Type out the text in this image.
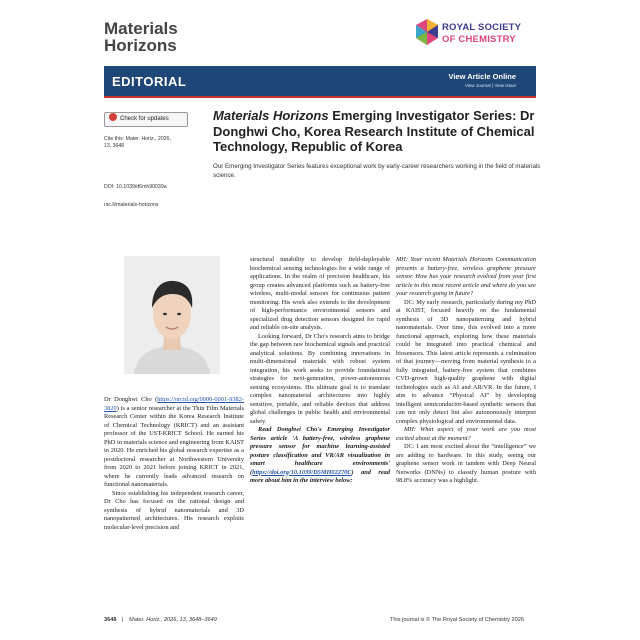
Materials
Horizons
ROYAL SOCIETY
OF CHEMISTRY
EDITORIAL	View Article Online
View Journal | View Issue
Check for updates
Cite this: Mater. Horiz., 2026,
13, 3648
DOI: 10.1039/d6mh90039a
rsc.li/materials-horizons
Materials Horizons Emerging Investigator Series: Dr Donghwi Cho, Korea Research Institute of Chemical Technology, Republic of Korea
Our Emerging Investigator Series features exceptional work by early-career researchers working in the field of materials science.

Dr Donghwi Cho (https://orcid.org/0000-0001-9382-3820) is a senior researcher at the Thin Film Materials Research Center within the Korea Research Institute of Chemical Technology (KRICT) and an assistant professor of the UST-KRICT School. He earned his PhD in materials science and engineering from KAIST in 2020. He enriched his global research expertise as a postdoctoral researcher at Northwestern University from 2020 to 2021 before joining KRICT in 2021, where he currently leads advanced research on functional nanomaterials.

Since establishing his independent research career, Dr Cho has focused on the rational design and synthesis of hybrid nanomaterials and 3D nanopatterned architectures. His research exploits molecular-level precision and

structural tunability to develop field-deployable biochemical sensing technologies for a wide range of applications. In the realm of precision healthcare, his group creates advanced platforms such as battery-free wireless, multi-modal sensors for continuous patient monitoring. His work also extends to the development of high-performance environmental sensors and specialized drug detection sensors designed for rapid and reliable on-site analysis.

Looking forward, Dr Cho's research aims to bridge the gap between raw biochemical signals and practical analytical solutions. By combining innovations in multi-dimensional materials with robust system integration, his work seeks to provide foundational strategies for next-generation, power-autonomous sensing ecosystems. His ultimate goal is to translate complex nanomaterial architectures into highly sensitive, portable, and reliable devices that address global challenges in public health and environmental safety.

Read Donghwi Cho's Emerging Investigator Series article 'A battery-free, wireless graphene pressure sensor for machine learning-assisted posture classification and VR/AR visualization in smart healthcare environments' (https://doi.org/10.1039/D5MH02270C) and read more about him in the interview below:

MH: Your recent Materials Horizons Communication presents a battery-free, wireless graphene pressure sensor. How has your research evolved from your first article to this most recent article and where do you see your research going in future?

DC: My early research, particularly during my PhD at KAIST, focused heavily on the fundamental synthesis of 3D nanopatterning and hybrid nanomaterials. Over time, this evolved into a more functional approach, exploring how these materials could be integrated into practical chemical and biosensors. This latest article represents a culmination of that journey—moving from material synthesis to a fully integrated, battery-free system that combines CVD-grown high-quality graphene with digital technologies such as AI and AR/VR. In the future, I aim to advance “Physical AI” by developing intelligent semiconductor-based synthetic sensors that can not only detect but also autonomously interpret complex physiological and environmental data.

MH: What aspect of your work are you most excited about at the moment?

DC: I am most excited about the “intelligence” we are adding to hardware. In this study, seeing our graphene sensor work in tandem with Deep Neural Networks (DNNs) to classify human posture with 98.8% accuracy was a highlight.

3648 | Mater. Horiz., 2026, 13, 3648–3649	This journal is © The Royal Society of Chemistry 2026
